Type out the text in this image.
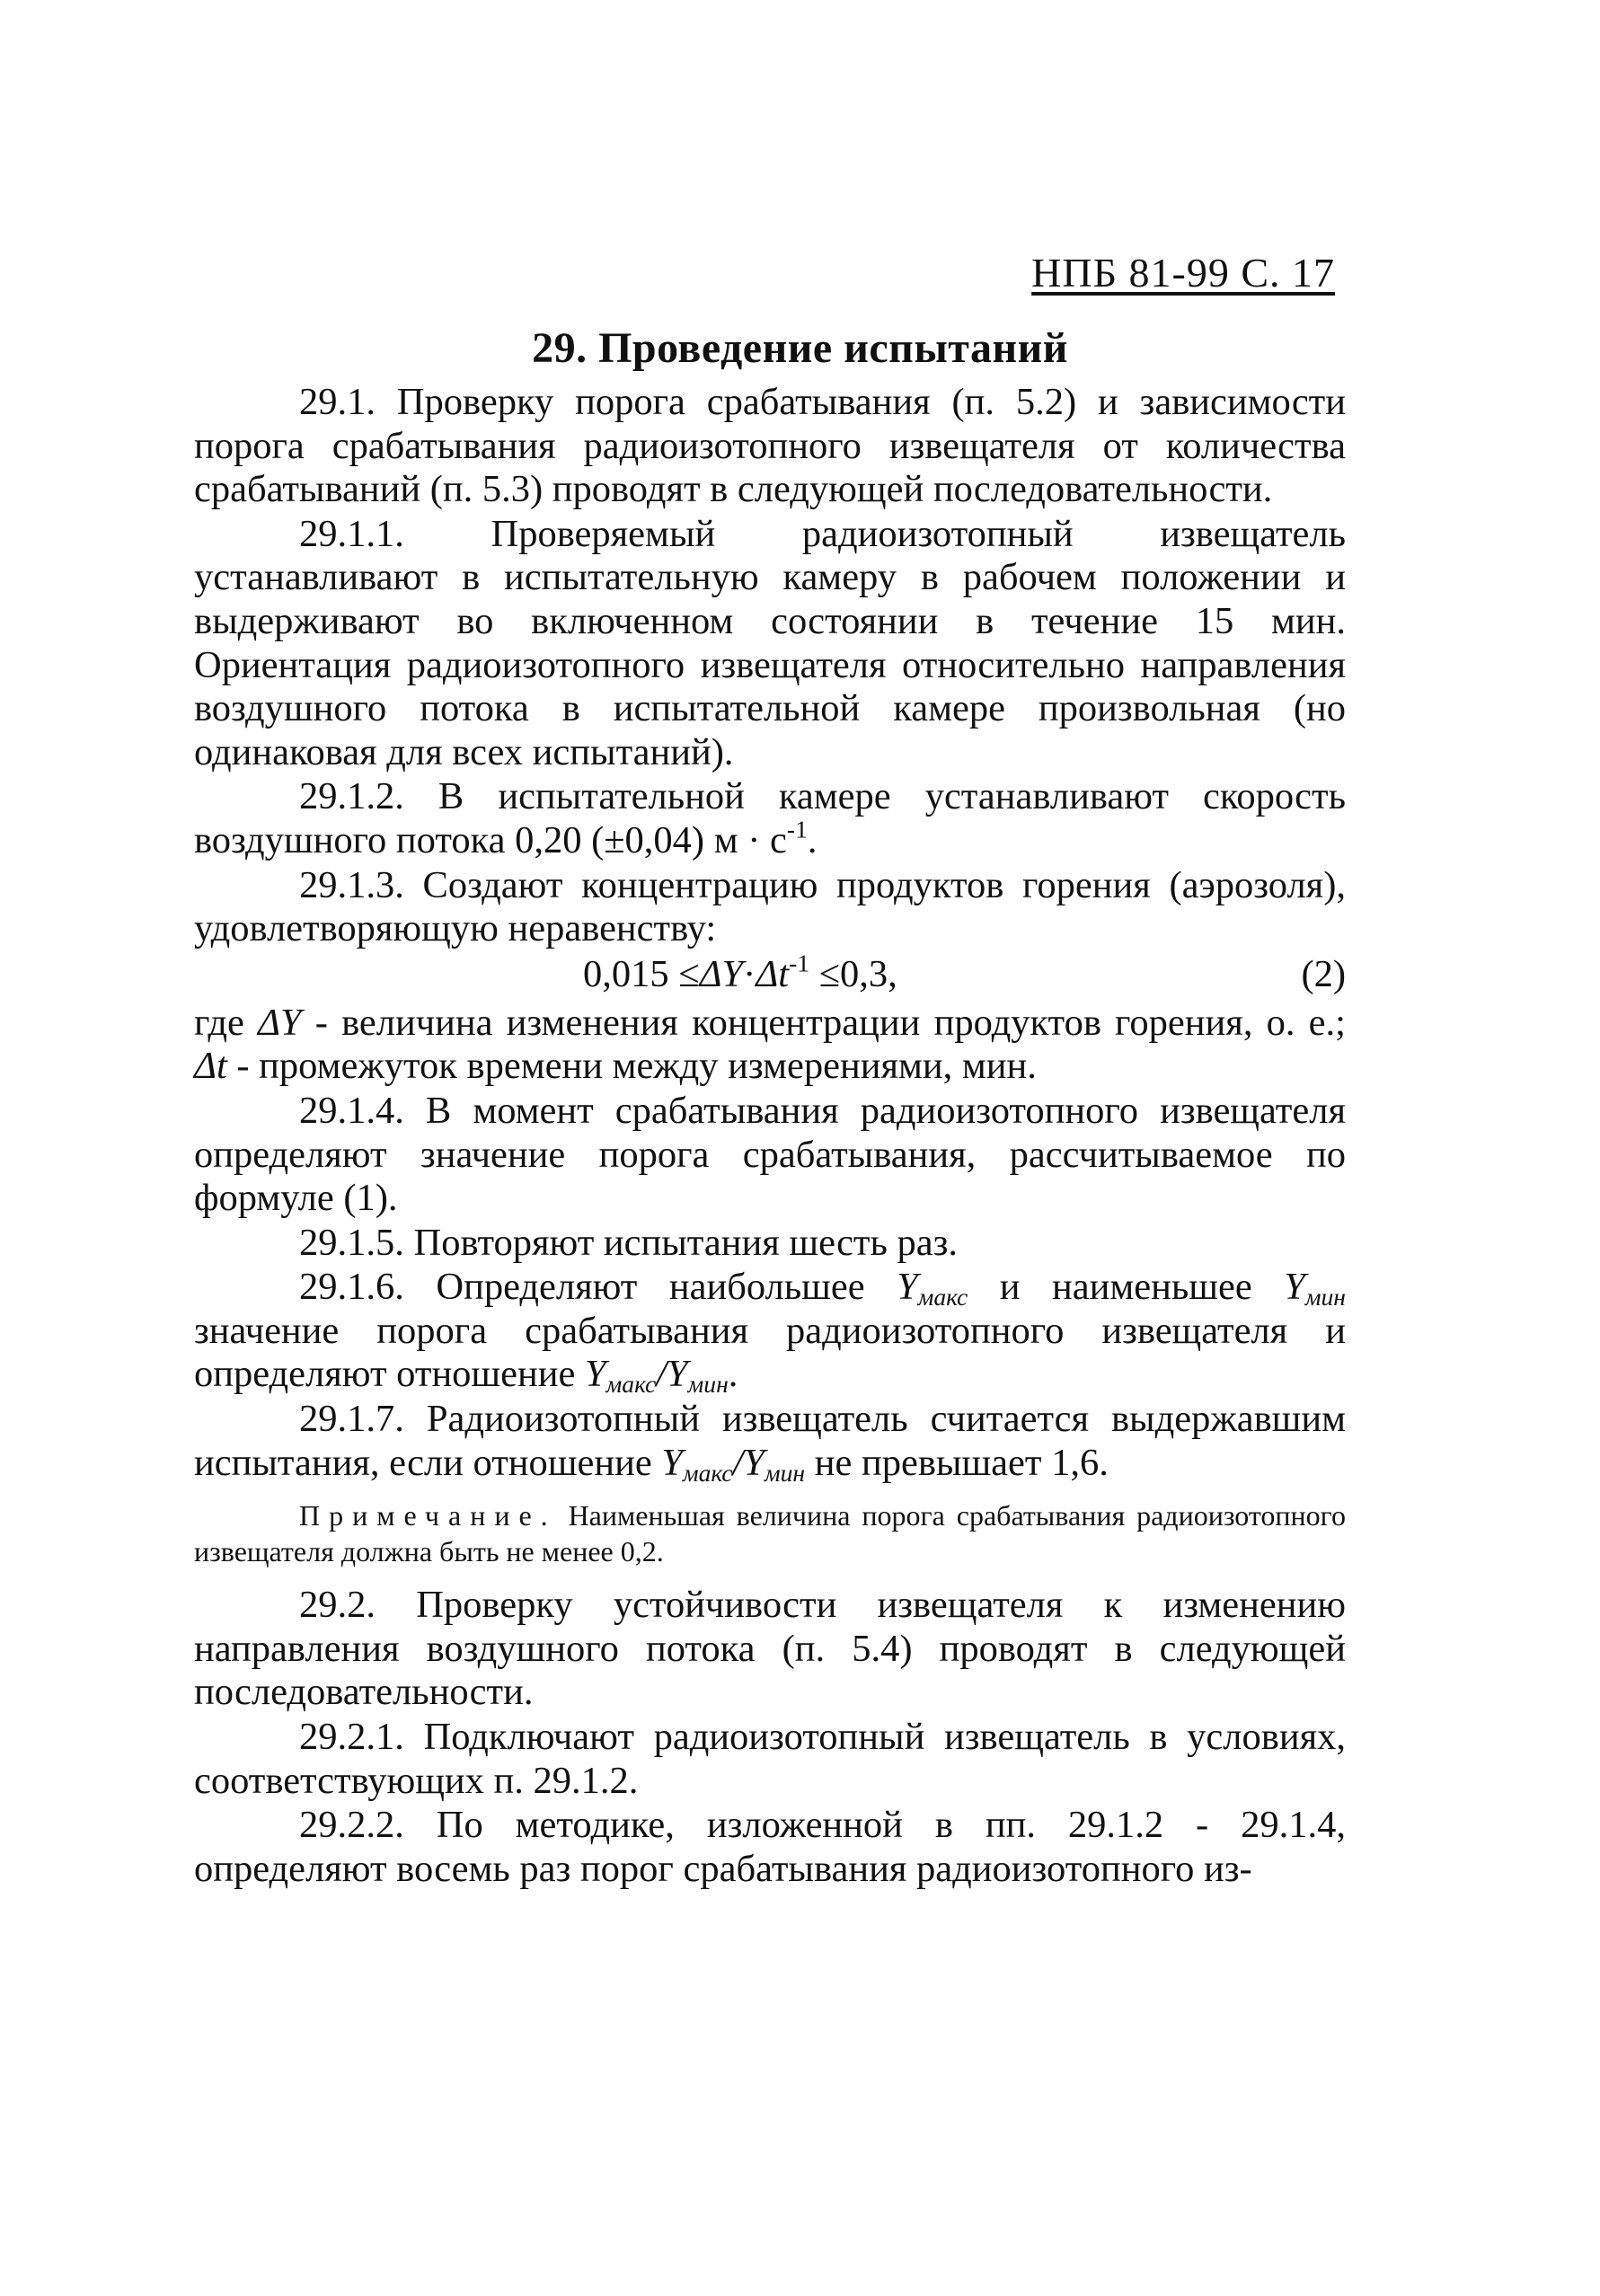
НПБ 81-99 С. 17
29. Проведение испытаний

29.1. Проверку порога срабатывания (п. 5.2) и зависимости порога срабатывания радиоизотопного извещателя от количества срабатываний (п. 5.3) проводят в следующей последовательности.

29.1.1. Проверяемый радиоизотопный извещатель устанавливают в испытательную камеру в рабочем положении и выдерживают во включенном состоянии в течение 15 мин. Ориентация радиоизотопного извещателя относительно направления воздушного потока в испытательной камере произвольная (но одинаковая для всех испытаний).

29.1.2. В испытательной камере устанавливают скорость воздушного потока 0,20 (±0,04) $м \cdot с^{-1}$.

29.1.3. Создают концентрацию продуктов горения (аэрозоля), удовлетворяющую неравенству:

$0,015 \le\Delta Y\cdot\Delta t^{-1} \le 0,3$,	(2)

где ΔY - величина изменения концентрации продуктов горения, о. е.; Δt - промежуток времени между измерениями, мин.

29.1.4. В момент срабатывания радиоизотопного извещателя определяют значение порога срабатывания, рассчитываемое по формуле (1).

29.1.5. Повторяют испытания шесть раз.

29.1.6. Определяют наибольшее $Y_{макс}$ и наименьшее $Y_{мин}$ значение порога срабатывания радиоизотопного извещателя и определяют отношение $Y_{макс}/Y_{мин}$.

29.1.7. Радиоизотопный извещатель считается выдержавшим испытания, если отношение $Y_{макс}/Y_{мин}$ не превышает 1,6.

Примечание. Наименьшая величина порога срабатывания радиоизотопного извещателя должна быть не менее 0,2.

29.2. Проверку устойчивости извещателя к изменению направления воздушного потока (п. 5.4) проводят в следующей последовательности.

29.2.1. Подключают радиоизотопный извещатель в условиях, соответствующих п. 29.1.2.

29.2.2. По методике, изложенной в пп. 29.1.2 - 29.1.4, определяют восемь раз порог срабатывания радиоизотопного из-
